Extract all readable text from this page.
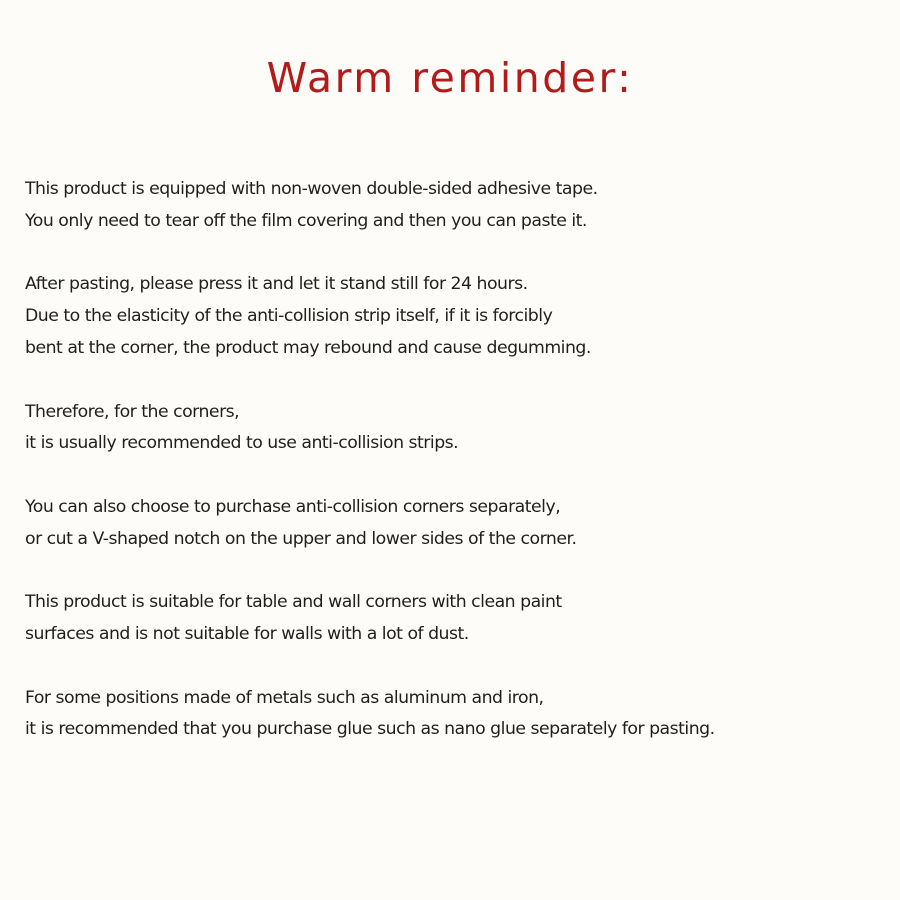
Warm reminder:
This product is equipped with non-woven double-sided adhesive tape.
You only need to tear off the film covering and then you can paste it.
After pasting, please press it and let it stand still for 24 hours.
Due to the elasticity of the anti-collision strip itself, if it is forcibly
bent at the corner, the product may rebound and cause degumming.
Therefore, for the corners,
it is usually recommended to use anti-collision strips.
You can also choose to purchase anti-collision corners separately,
or cut a V-shaped notch on the upper and lower sides of the corner.
This product is suitable for table and wall corners with clean paint
surfaces and is not suitable for walls with a lot of dust.
For some positions made of metals such as aluminum and iron,
it is recommended that you purchase glue such as nano glue separately for pasting.
